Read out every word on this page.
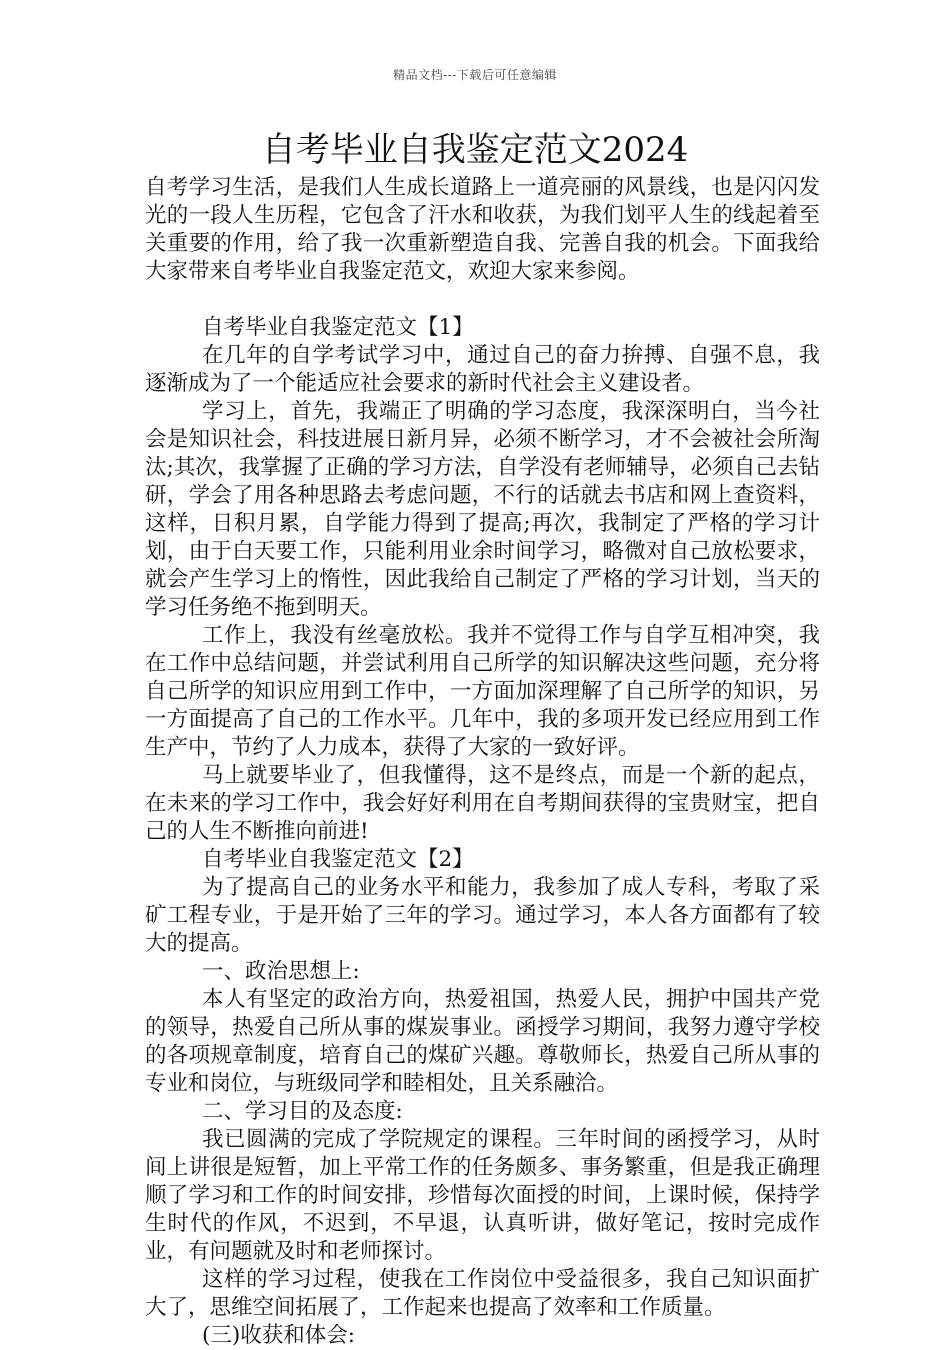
精品文档---下载后可任意编辑
自考毕业自我鉴定范文2024

自考学习生活，是我们人生成长道路上一道亮丽的风景线，也是闪闪发光的一段人生历程，它包含了汗水和收获，为我们划平人生的线起着至关重要的作用，给了我一次重新塑造自我、完善自我的机会。下面我给大家带来自考毕业自我鉴定范文，欢迎大家来参阅。

自考毕业自我鉴定范文【1】

在几年的自学考试学习中，通过自己的奋力拚搏、自强不息，我逐渐成为了一个能适应社会要求的新时代社会主义建设者。

学习上，首先，我端正了明确的学习态度，我深深明白，当今社会是知识社会，科技进展日新月异，必须不断学习，才不会被社会所淘汰;其次，我掌握了正确的学习方法，自学没有老师辅导，必须自己去钻研，学会了用各种思路去考虑问题，不行的话就去书店和网上查资料，这样，日积月累，自学能力得到了提高;再次，我制定了严格的学习计划，由于白天要工作，只能利用业余时间学习，略微对自己放松要求，就会产生学习上的惰性，因此我给自己制定了严格的学习计划，当天的学习任务绝不拖到明天。

工作上，我没有丝毫放松。我并不觉得工作与自学互相冲突，我在工作中总结问题，并尝试利用自己所学的知识解决这些问题，充分将自己所学的知识应用到工作中，一方面加深理解了自己所学的知识，另一方面提高了自己的工作水平。几年中，我的多项开发已经应用到工作生产中，节约了人力成本，获得了大家的一致好评。

马上就要毕业了，但我懂得，这不是终点，而是一个新的起点，在未来的学习工作中，我会好好利用在自考期间获得的宝贵财宝，把自己的人生不断推向前进!

自考毕业自我鉴定范文【2】

为了提高自己的业务水平和能力，我参加了成人专科，考取了采矿工程专业，于是开始了三年的学习。通过学习，本人各方面都有了较大的提高。

一、政治思想上:

本人有坚定的政治方向，热爱祖国，热爱人民，拥护中国共产党的领导，热爱自己所从事的煤炭事业。函授学习期间，我努力遵守学校的各项规章制度，培育自己的煤矿兴趣。尊敬师长，热爱自己所从事的专业和岗位，与班级同学和睦相处，且关系融洽。

二、学习目的及态度:

我已圆满的完成了学院规定的课程。三年时间的函授学习，从时间上讲很是短暂，加上平常工作的任务颇多、事务繁重，但是我正确理顺了学习和工作的时间安排，珍惜每次面授的时间，上课时候，保持学生时代的作风，不迟到，不早退，认真听讲，做好笔记，按时完成作业，有问题就及时和老师探讨。

这样的学习过程，使我在工作岗位中受益很多，我自己知识面扩大了，思维空间拓展了，工作起来也提高了效率和工作质量。

(三)收获和体会:
